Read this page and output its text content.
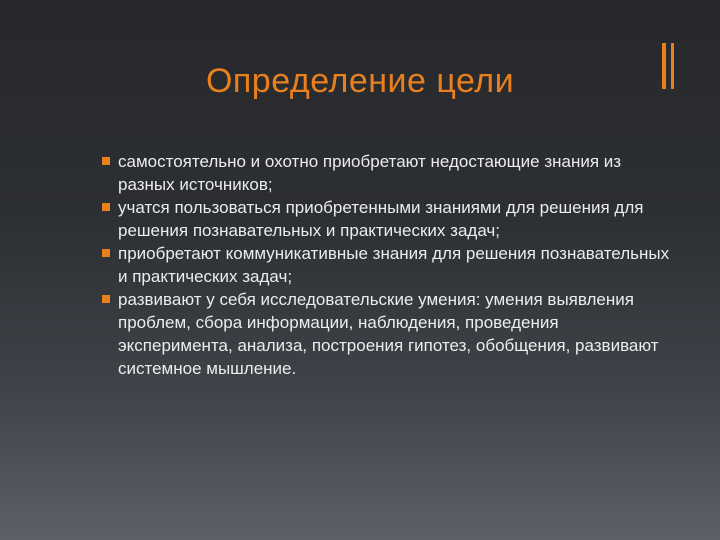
Определение цели
самостоятельно и охотно приобретают недостающие знания из разных источников;
учатся пользоваться приобретенными знаниями для решения для решения познавательных и практических задач;
приобретают коммуникативные знания для решения познавательных и практических задач;
развивают у себя исследовательские умения: умения выявления проблем, сбора информации, наблюдения, проведения эксперимента, анализа, построения гипотез, обобщения, развивают системное мышление.
